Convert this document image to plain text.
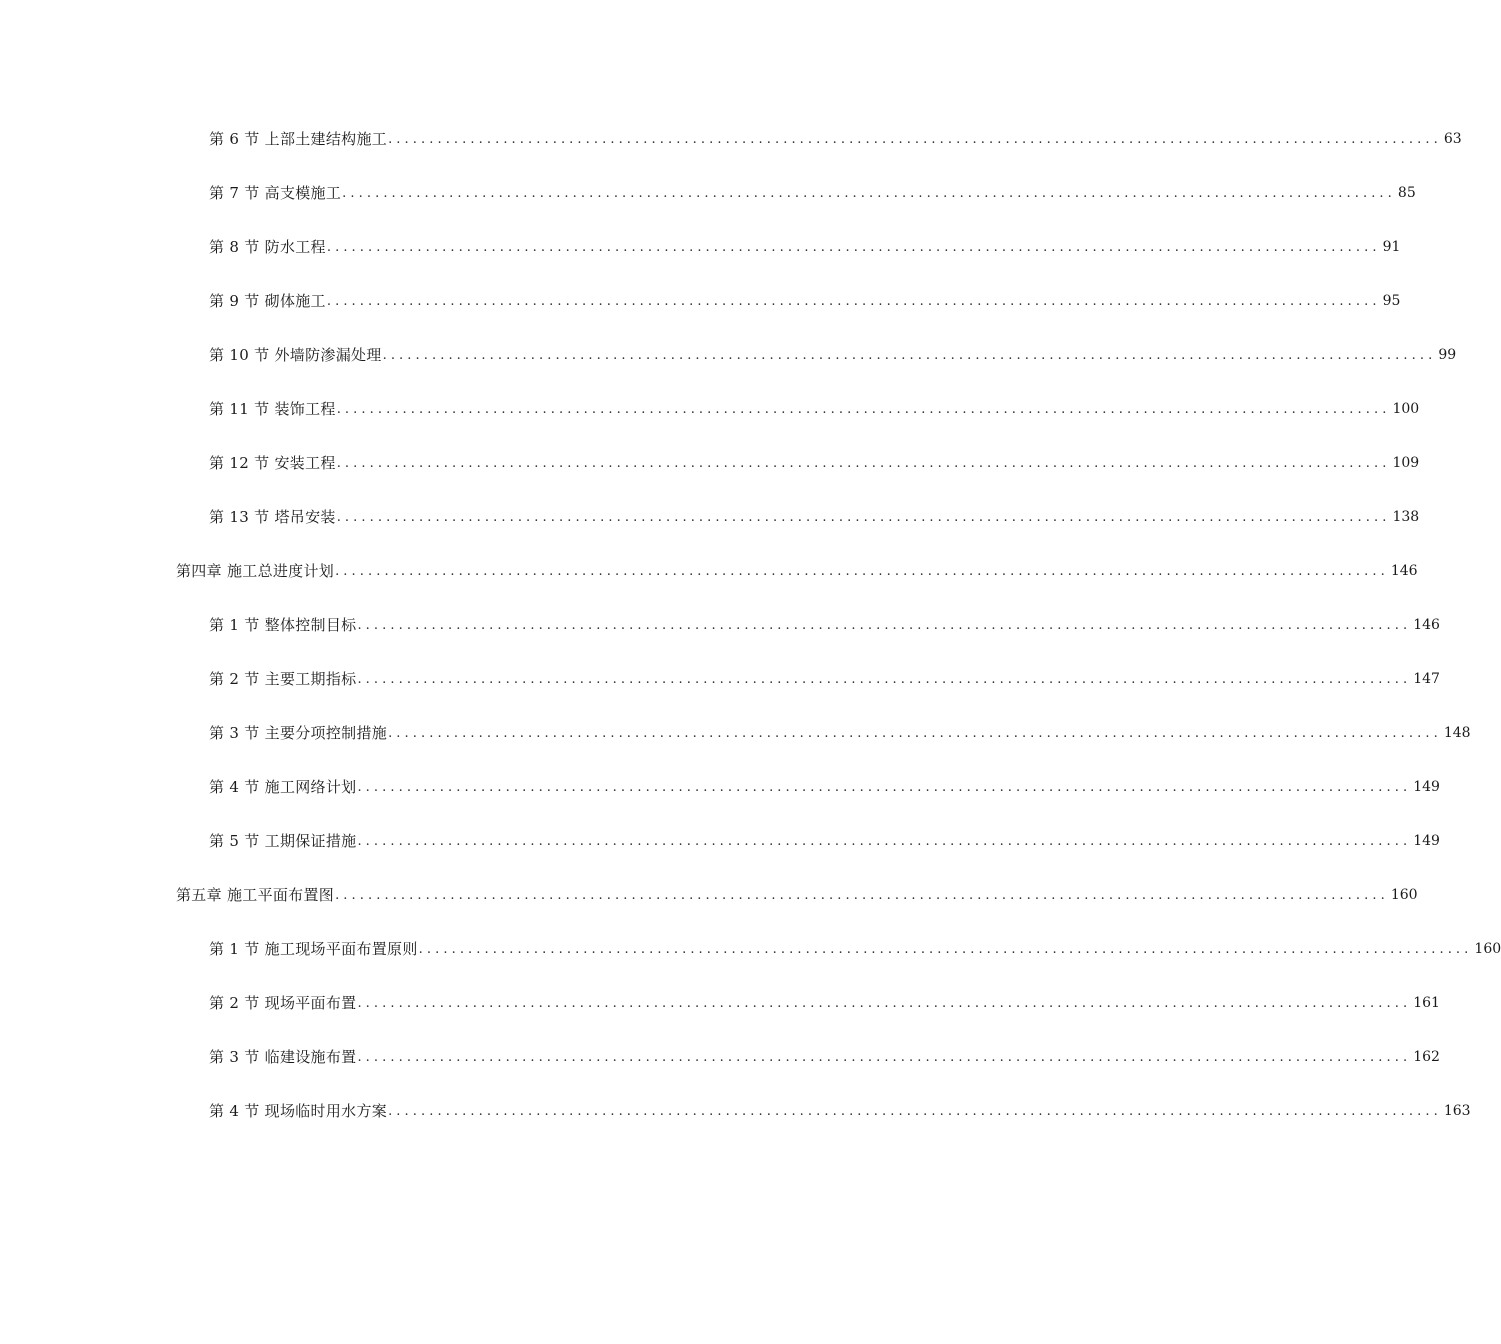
第 6 节 上部土建结构施工 ................................................................................................................................ 63
第 7 节 高支模施工 ................................................................................................................................ 85
第 8 节 防水工程 ................................................................................................................................ 91
第 9 节 砌体施工 ................................................................................................................................ 95
第 10 节 外墙防渗漏处理 ................................................................................................................................ 99
第 11 节 装饰工程 ................................................................................................................................ 100
第 12 节 安装工程 ................................................................................................................................ 109
第 13 节 塔吊安装 ................................................................................................................................ 138
第四章 施工总进度计划 ................................................................................................................................ 146
第 1 节 整体控制目标 ................................................................................................................................ 146
第 2 节 主要工期指标 ................................................................................................................................ 147
第 3 节 主要分项控制措施 ................................................................................................................................ 148
第 4 节 施工网络计划 ................................................................................................................................ 149
第 5 节 工期保证措施 ................................................................................................................................ 149
第五章 施工平面布置图 ................................................................................................................................ 160
第 1 节 施工现场平面布置原则 ................................................................................................................................ 160
第 2 节 现场平面布置 ................................................................................................................................ 161
第 3 节 临建设施布置 ................................................................................................................................ 162
第 4 节 现场临时用水方案 ................................................................................................................................ 163
